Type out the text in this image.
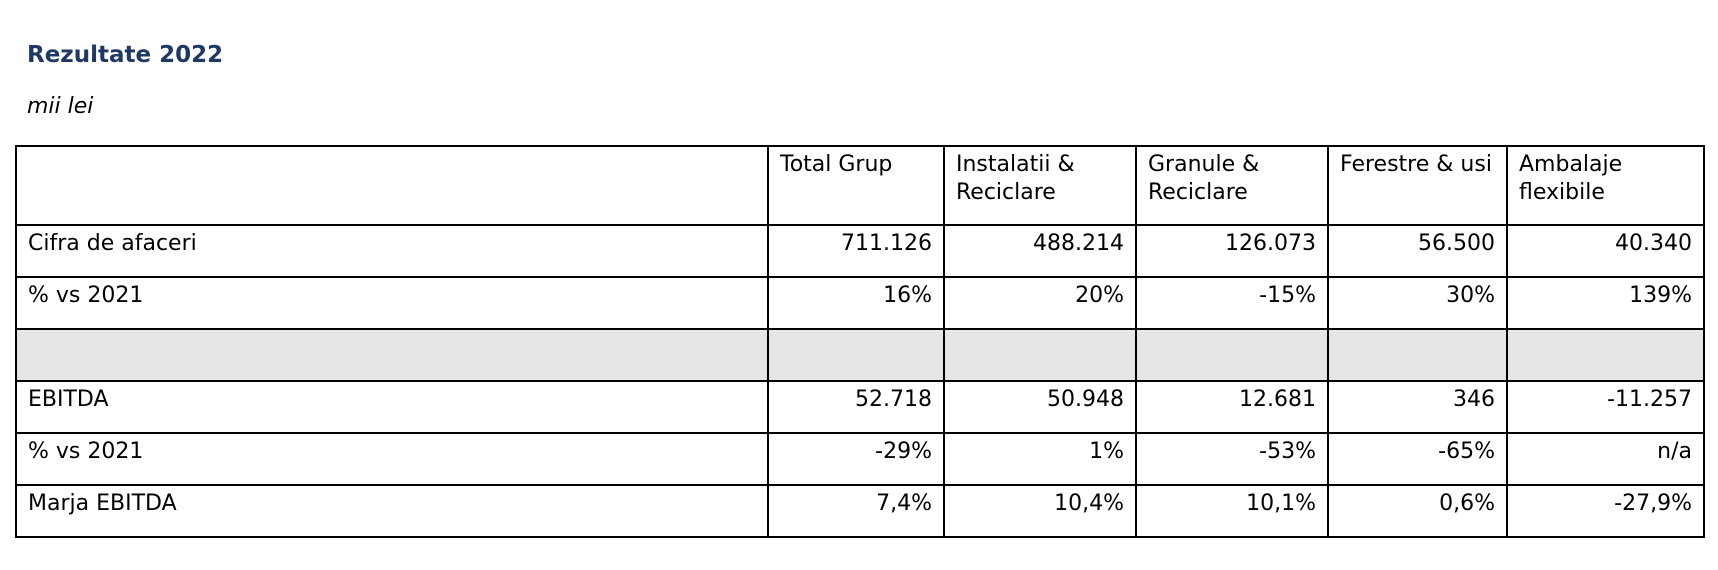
Rezultate 2022

mii lei

	Total Grup	Instalatii & Reciclare	Granule & Reciclare	Ferestre & usi	Ambalaje flexibile
Cifra de afaceri	711.126	488.214	126.073	56.500	40.340
% vs 2021	16%	20%	-15%	30%	139%

EBITDA	52.718	50.948	12.681	346	-11.257
% vs 2021	-29%	1%	-53%	-65%	n/a
Marja EBITDA	7,4%	10,4%	10,1%	0,6%	-27,9%
